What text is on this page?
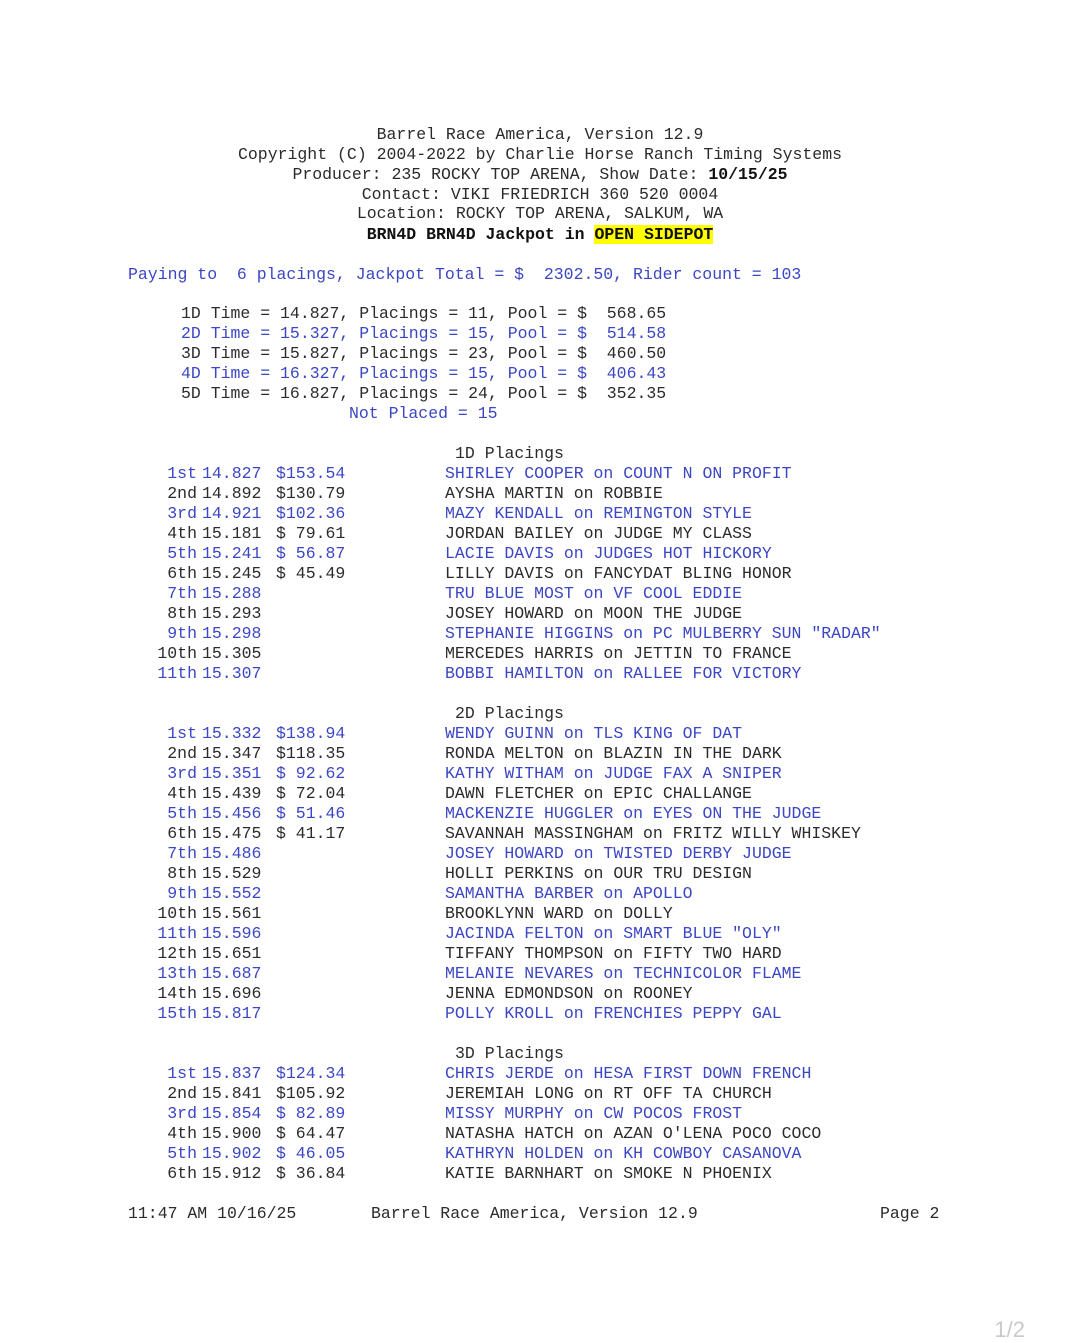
Barrel Race America, Version 12.9
Copyright (C) 2004-2022 by Charlie Horse Ranch Timing Systems
Producer: 235 ROCKY TOP ARENA, Show Date: 10/15/25
Contact: VIKI FRIEDRICH 360 520 0004
Location: ROCKY TOP ARENA, SALKUM, WA
BRN4D BRN4D Jackpot in OPEN SIDEPOT
Paying to  6 placings, Jackpot Total = $  2302.50, Rider count = 103
1D Time = 14.827, Placings = 11, Pool = $  568.65
2D Time = 15.327, Placings = 15, Pool = $  514.58
3D Time = 15.827, Placings = 23, Pool = $  460.50
4D Time = 16.327, Placings = 15, Pool = $  406.43
5D Time = 16.827, Placings = 24, Pool = $  352.35
Not Placed = 15
1D Placings
1st 14.827 $153.54	SHIRLEY COOPER on COUNT N ON PROFIT
2nd 14.892 $130.79	AYSHA MARTIN on ROBBIE
3rd 14.921 $102.36	MAZY KENDALL on REMINGTON STYLE
4th 15.181 $ 79.61	JORDAN BAILEY on JUDGE MY CLASS
5th 15.241 $ 56.87	LACIE DAVIS on JUDGES HOT HICKORY
6th 15.245 $ 45.49	LILLY DAVIS on FANCYDAT BLING HONOR
7th 15.288	TRU BLUE MOST on VF COOL EDDIE
8th 15.293	JOSEY HOWARD on MOON THE JUDGE
9th 15.298	STEPHANIE HIGGINS on PC MULBERRY SUN "RADAR"
10th 15.305	MERCEDES HARRIS on JETTIN TO FRANCE
11th 15.307	BOBBI HAMILTON on RALLEE FOR VICTORY
2D Placings
1st 15.332 $138.94	WENDY GUINN on TLS KING OF DAT
2nd 15.347 $118.35	RONDA MELTON on BLAZIN IN THE DARK
3rd 15.351 $ 92.62	KATHY WITHAM on JUDGE FAX A SNIPER
4th 15.439 $ 72.04	DAWN FLETCHER on EPIC CHALLANGE
5th 15.456 $ 51.46	MACKENZIE HUGGLER on EYES ON THE JUDGE
6th 15.475 $ 41.17	SAVANNAH MASSINGHAM on FRITZ WILLY WHISKEY
7th 15.486	JOSEY HOWARD on TWISTED DERBY JUDGE
8th 15.529	HOLLI PERKINS on OUR TRU DESIGN
9th 15.552	SAMANTHA BARBER on APOLLO
10th 15.561	BROOKLYNN WARD on DOLLY
11th 15.596	JACINDA FELTON on SMART BLUE "OLY"
12th 15.651	TIFFANY THOMPSON on FIFTY TWO HARD
13th 15.687	MELANIE NEVARES on TECHNICOLOR FLAME
14th 15.696	JENNA EDMONDSON on ROONEY
15th 15.817	POLLY KROLL on FRENCHIES PEPPY GAL
3D Placings
1st 15.837 $124.34	CHRIS JERDE on HESA FIRST DOWN FRENCH
2nd 15.841 $105.92	JEREMIAH LONG on RT OFF TA CHURCH
3rd 15.854 $ 82.89	MISSY MURPHY on CW POCOS FROST
4th 15.900 $ 64.47	NATASHA HATCH on AZAN O'LENA POCO COCO
5th 15.902 $ 46.05	KATHRYN HOLDEN on KH COWBOY CASANOVA
6th 15.912 $ 36.84	KATIE BARNHART on SMOKE N PHOENIX
11:47 AM 10/16/25	Barrel Race America, Version 12.9	Page 2
1/2
